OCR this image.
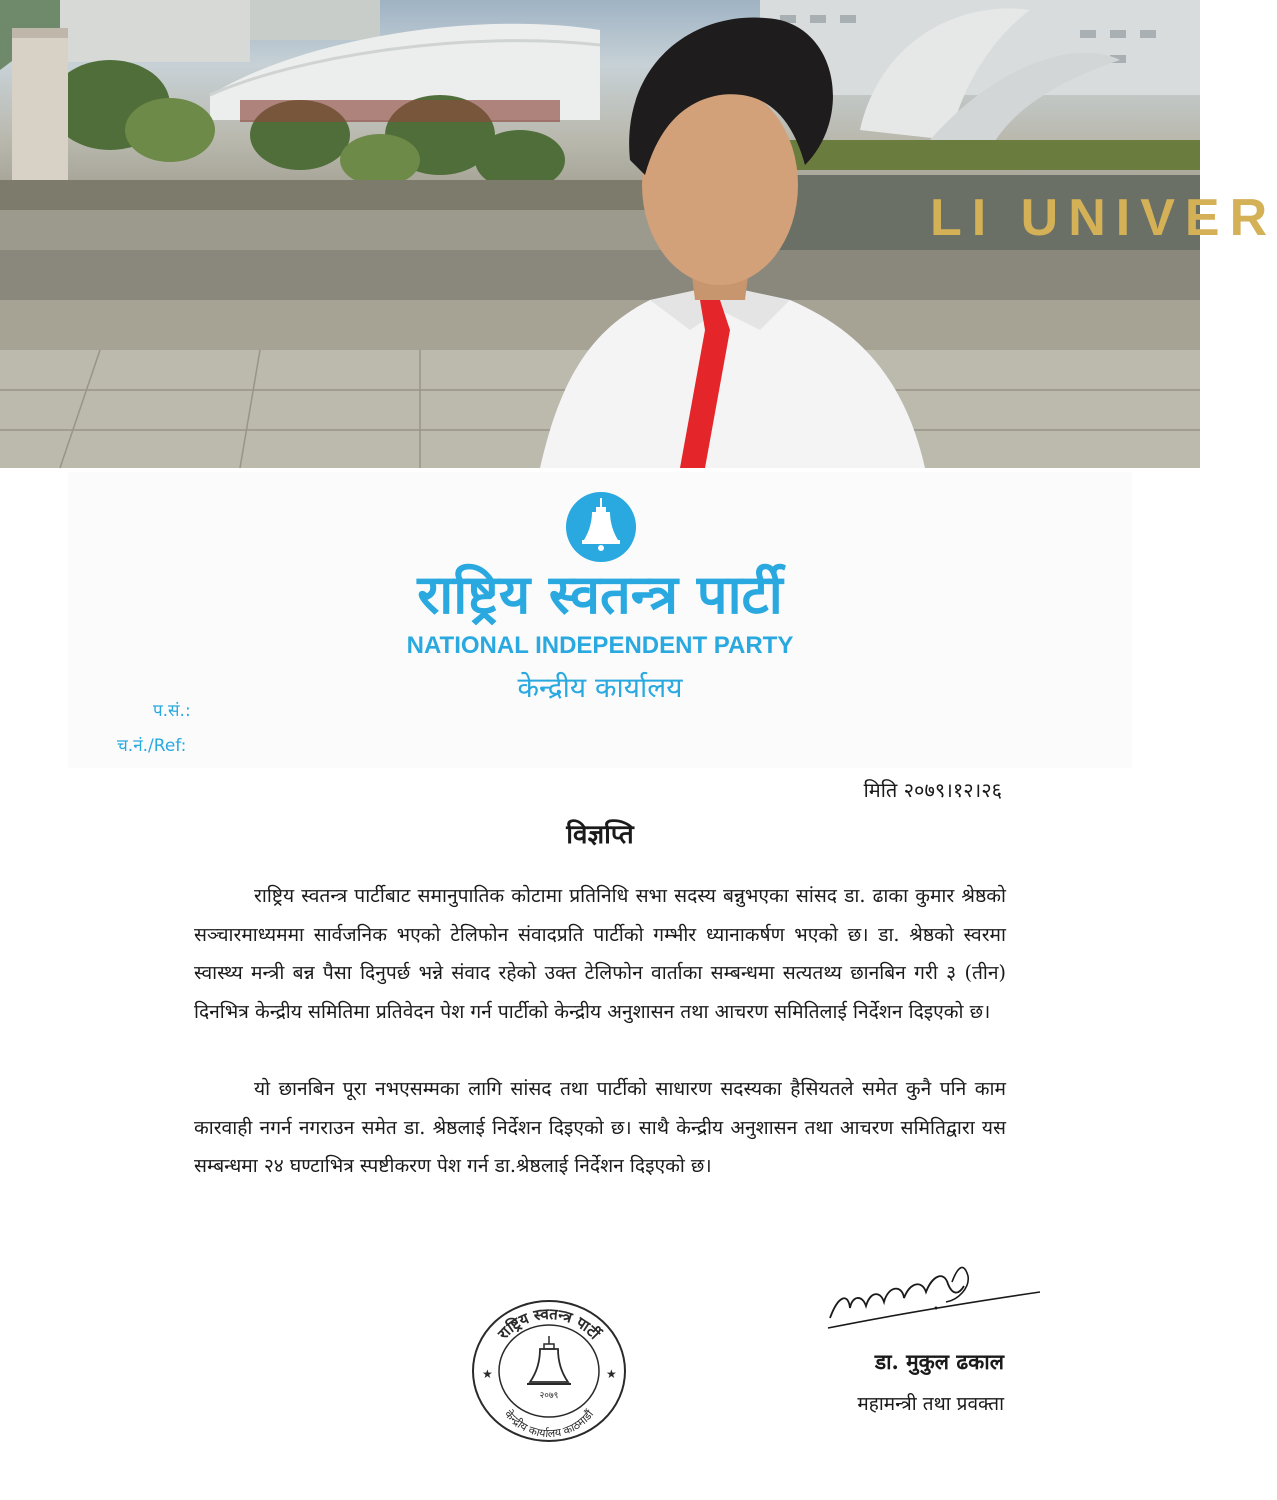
LI UNIVER
राष्ट्रिय स्वतन्त्र पार्टी
NATIONAL INDEPENDENT PARTY
केन्द्रीय कार्यालय
प.सं.:
च.नं./Ref:
मिति २०७९।१२।२६
विज्ञप्ति
राष्ट्रिय स्वतन्त्र पार्टीबाट समानुपातिक कोटामा प्रतिनिधि सभा सदस्य बन्नुभएका सांसद डा. ढाका कुमार श्रेष्ठको सञ्चारमाध्यममा सार्वजनिक भएको टेलिफोन संवादप्रति पार्टीको गम्भीर ध्यानाकर्षण भएको छ। डा. श्रेष्ठको स्वरमा स्वास्थ्य मन्त्री बन्न पैसा दिनुपर्छ भन्ने संवाद रहेको उक्त टेलिफोन वार्ताका सम्बन्धमा सत्यतथ्य छानबिन गरी ३ (तीन) दिनभित्र केन्द्रीय समितिमा प्रतिवेदन पेश गर्न पार्टीको केन्द्रीय अनुशासन तथा आचरण समितिलाई निर्देशन दिइएको छ।
यो छानबिन पूरा नभएसम्मका लागि सांसद तथा पार्टीको साधारण सदस्यका हैसियतले समेत कुनै पनि काम कारवाही नगर्न नगराउन समेत डा. श्रेष्ठलाई निर्देशन दिइएको छ। साथै केन्द्रीय अनुशासन तथा आचरण समितिद्वारा यस सम्बन्धमा २४ घण्टाभित्र स्पष्टीकरण पेश गर्न डा.श्रेष्ठलाई निर्देशन दिइएको छ।
राष्ट्रिय स्वतन्त्र पार्टी
केन्द्रीय कार्यालय काठमाडौं
★	★
२०७९
डा. मुकुल ढकाल
महामन्त्री तथा प्रवक्ता
